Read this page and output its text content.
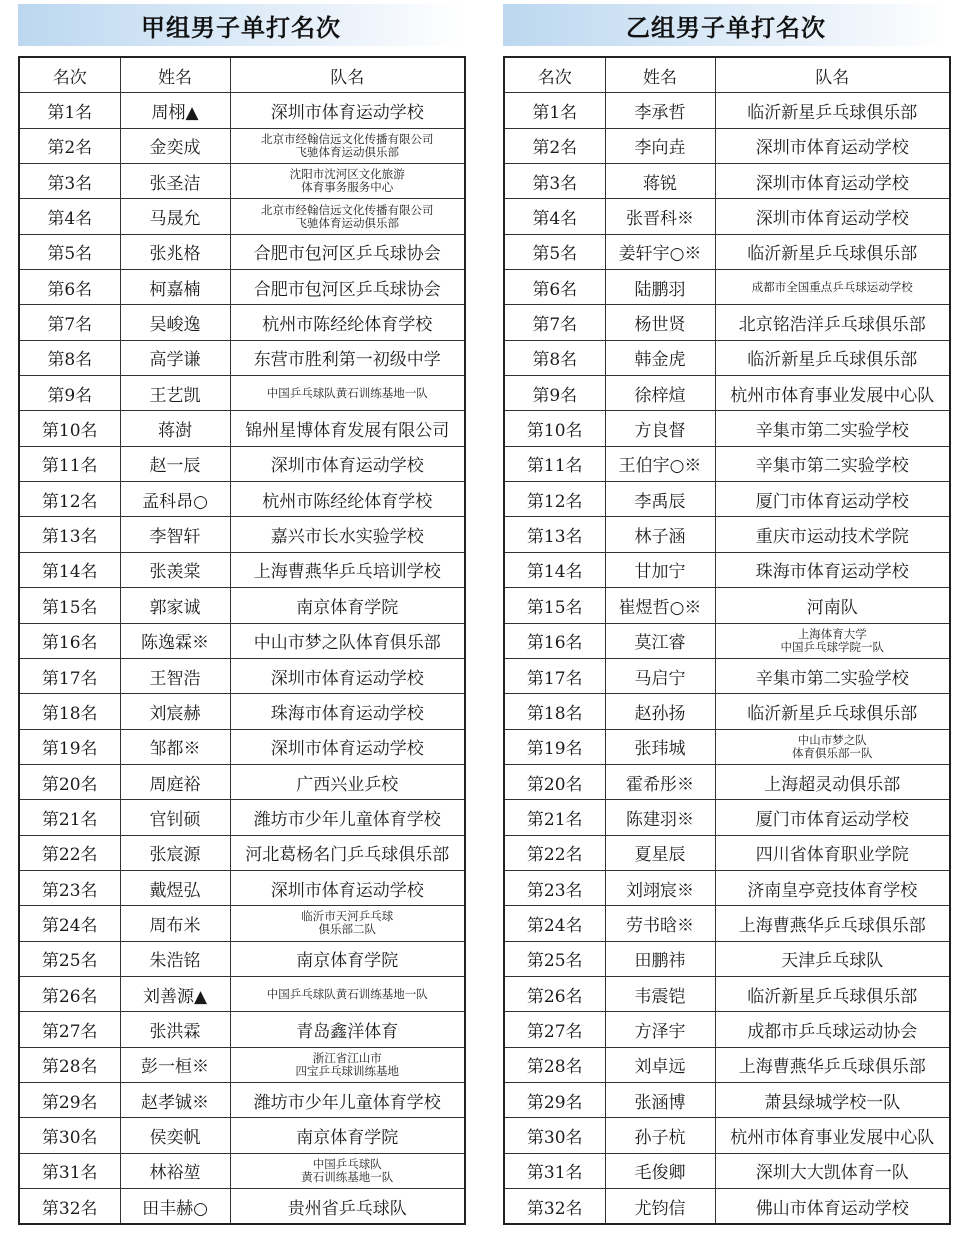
甲组男子单打名次
名次	姓名	队名
第1名	周栩▲	深圳市体育运动学校

第2名	金奕成	北京市经翰信远文化传播有限公司
飞驰体育运动俱乐部

第3名	张圣洁	沈阳市沈河区文化旅游
体育事务服务中心

第4名	马晟允	北京市经翰信远文化传播有限公司
飞驰体育运动俱乐部

第5名	张兆格	合肥市包河区乒乓球协会

第6名	柯嘉楠	合肥市包河区乒乓球协会

第7名	吴峻逸	杭州市陈经纶体育学校

第8名	高学谦	东营市胜利第一初级中学

第9名	王艺凯	中国乒乓球队黄石训练基地一队

第10名	蒋澍	锦州星博体育发展有限公司

第11名	赵一辰	深圳市体育运动学校

第12名	孟科昂○	杭州市陈经纶体育学校

第13名	李智轩	嘉兴市长水实验学校

第14名	张羡棠	上海曹燕华乒乓培训学校

第15名	郭家诚	南京体育学院

第16名	陈逸霖※	中山市梦之队体育俱乐部

第17名	王智浩	深圳市体育运动学校

第18名	刘宸赫	珠海市体育运动学校

第19名	邹都※	深圳市体育运动学校

第20名	周庭裕	广西兴业乒校

第21名	官钊硕	潍坊市少年儿童体育学校

第22名	张宸源	河北葛杨名门乒乓球俱乐部

第23名	戴煜弘	深圳市体育运动学校

第24名	周布米	临沂市天河乒乓球
俱乐部二队

第25名	朱浩铭	南京体育学院

第26名	刘善源▲	中国乒乓球队黄石训练基地一队

第27名	张洪霖	青岛鑫洋体育

第28名	彭一桓※	浙江省江山市
四宝乒乓球训练基地

第29名	赵孝铖※	潍坊市少年儿童体育学校

第30名	侯奕帆	南京体育学院

第31名	林裕堃	中国乒乓球队
黄石训练基地一队

第32名	田丰赫○	贵州省乒乓球队
乙组男子单打名次
名次	姓名	队名
第1名	李承哲	临沂新星乒乓球俱乐部

第2名	李向垚	深圳市体育运动学校

第3名	蒋锐	深圳市体育运动学校

第4名	张晋科※	深圳市体育运动学校

第5名	姜轩宇○※	临沂新星乒乓球俱乐部

第6名	陆鹏羽	成都市全国重点乒乓球运动学校

第7名	杨世贤	北京铭浩洋乒乓球俱乐部

第8名	韩金虎	临沂新星乒乓球俱乐部

第9名	徐梓煊	杭州市体育事业发展中心队

第10名	方良督	辛集市第二实验学校

第11名	王伯宇○※	辛集市第二实验学校

第12名	李禹辰	厦门市体育运动学校

第13名	林子涵	重庆市运动技术学院

第14名	甘加宁	珠海市体育运动学校

第15名	崔煜哲○※	河南队

第16名	莫江睿	上海体育大学
中国乒乓球学院一队

第17名	马启宁	辛集市第二实验学校

第18名	赵孙扬	临沂新星乒乓球俱乐部

第19名	张玮城	中山市梦之队
体育俱乐部一队

第20名	霍希彤※	上海超灵动俱乐部

第21名	陈建羽※	厦门市体育运动学校

第22名	夏星辰	四川省体育职业学院

第23名	刘翊宸※	济南皇亭竞技体育学校

第24名	劳书晗※	上海曹燕华乒乓球俱乐部

第25名	田鹏祎	天津乒乓球队

第26名	韦震铠	临沂新星乒乓球俱乐部

第27名	方泽宇	成都市乒乓球运动协会

第28名	刘卓远	上海曹燕华乒乓球俱乐部

第29名	张涵博	萧县绿城学校一队

第30名	孙子杭	杭州市体育事业发展中心队

第31名	毛俊卿	深圳大大凯体育一队

第32名	尤钧信	佛山市体育运动学校
